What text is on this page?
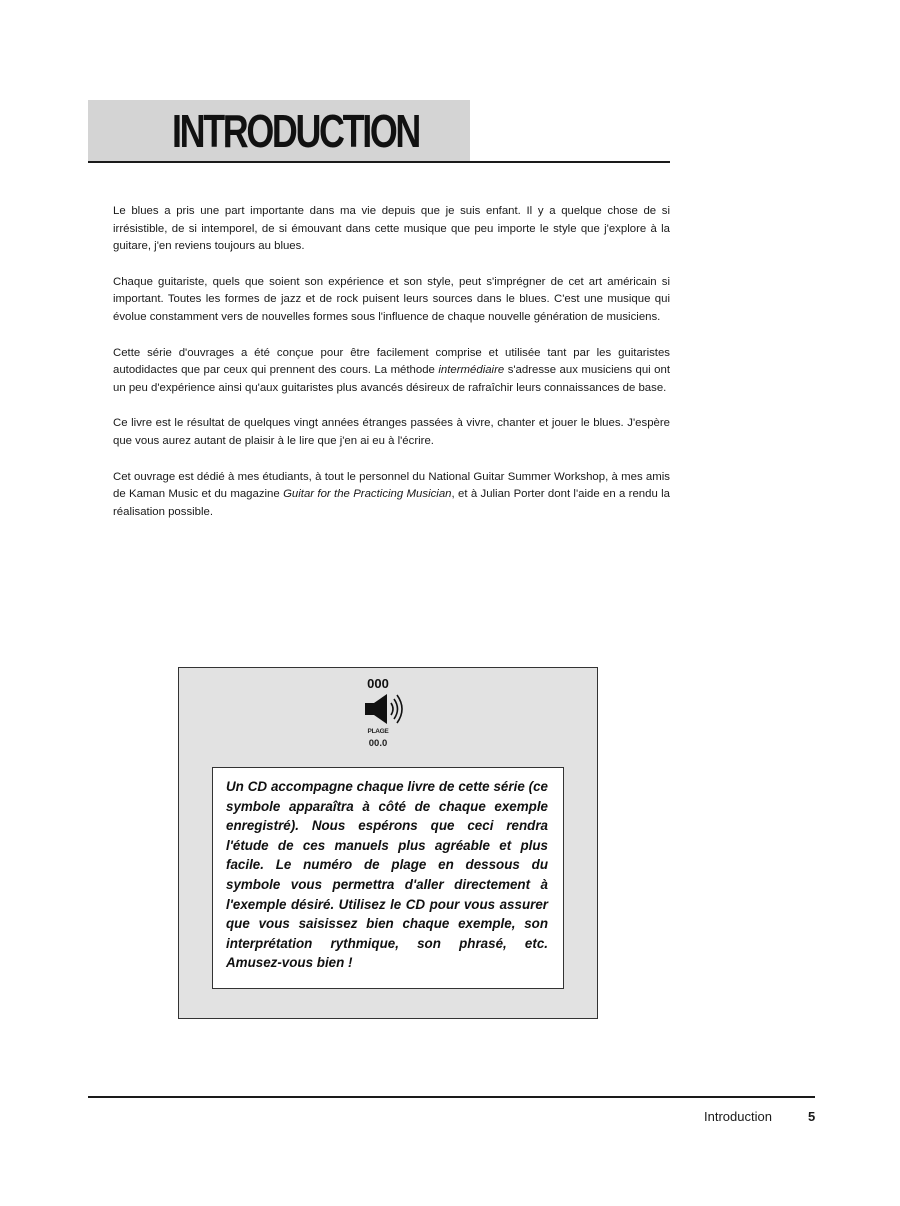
INTRODUCTION

Le blues a pris une part importante dans ma vie depuis que je suis enfant. Il y a quelque chose de si irrésistible, de si intemporel, de si émouvant dans cette musique que peu importe le style que j'explore à la guitare, j'en reviens toujours au blues.

Chaque guitariste, quels que soient son expérience et son style, peut s'imprégner de cet art américain si important. Toutes les formes de jazz et de rock puisent leurs sources dans le blues. C'est une musique qui évolue constamment vers de nouvelles formes sous l'influence de chaque nouvelle génération de musiciens.

Cette série d'ouvrages a été conçue pour être facilement comprise et utilisée tant par les guitaristes autodidactes que par ceux qui prennent des cours. La méthode intermédiaire s'adresse aux musiciens qui ont un peu d'expérience ainsi qu'aux guitaristes plus avancés désireux de rafraîchir leurs connaissances de base.

Ce livre est le résultat de quelques vingt années étranges passées à vivre, chanter et jouer le blues. J'espère que vous aurez autant de plaisir à le lire que j'en ai eu à l'écrire.

Cet ouvrage est dédié à mes étudiants, à tout le personnel du National Guitar Summer Workshop, à mes amis de Kaman Music et du magazine Guitar for the Practicing Musician, et à Julian Porter dont l'aide en a rendu la réalisation possible.

000
PLAGE
00.0

Un CD accompagne chaque livre de cette série (ce symbole apparaîtra à côté de chaque exemple enregistré). Nous espérons que ceci rendra l'étude de ces manuels plus agréable et plus facile. Le numéro de plage en dessous du symbole vous permettra d'aller directement à l'exemple désiré. Utilisez le CD pour vous assurer que vous saisissez bien chaque exemple, son interprétation rythmique, son phrasé, etc. Amusez-vous bien !

Introduction	5
